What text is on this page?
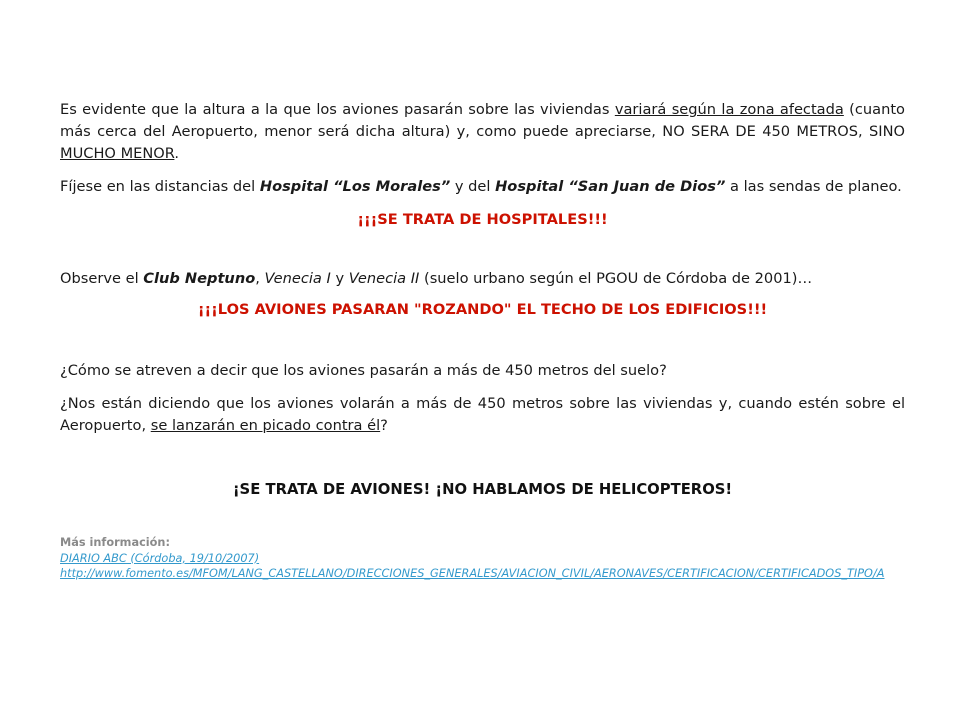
Es evidente que la altura a la que los aviones pasarán sobre las viviendas variará según la zona afectada (cuanto más cerca del Aeropuerto, menor será dicha altura) y, como puede apreciarse, NO SERA DE 450 METROS, SINO MUCHO MENOR.

Fíjese en las distancias del Hospital “Los Morales” y del Hospital “San Juan de Dios” a las sendas de planeo.

¡¡¡SE TRATA DE HOSPITALES!!!

Observe el Club Neptuno, Venecia I y Venecia II (suelo urbano según el PGOU de Córdoba de 2001)…

¡¡¡LOS AVIONES PASARAN "ROZANDO" EL TECHO DE LOS EDIFICIOS!!!

¿Cómo se atreven a decir que los aviones pasarán a más de 450 metros del suelo?

¿Nos están diciendo que los aviones volarán a más de 450 metros sobre las viviendas y, cuando estén sobre el Aeropuerto, se lanzarán en picado contra él?

¡SE TRATA DE AVIONES! ¡NO HABLAMOS DE HELICOPTEROS!

Más información:
DIARIO ABC (Córdoba, 19/10/2007)
http://www.fomento.es/MFOM/LANG_CASTELLANO/DIRECCIONES_GENERALES/AVIACION_CIVIL/AERONAVES/CERTIFICACION/CERTIFICADOS_TIPO/A
